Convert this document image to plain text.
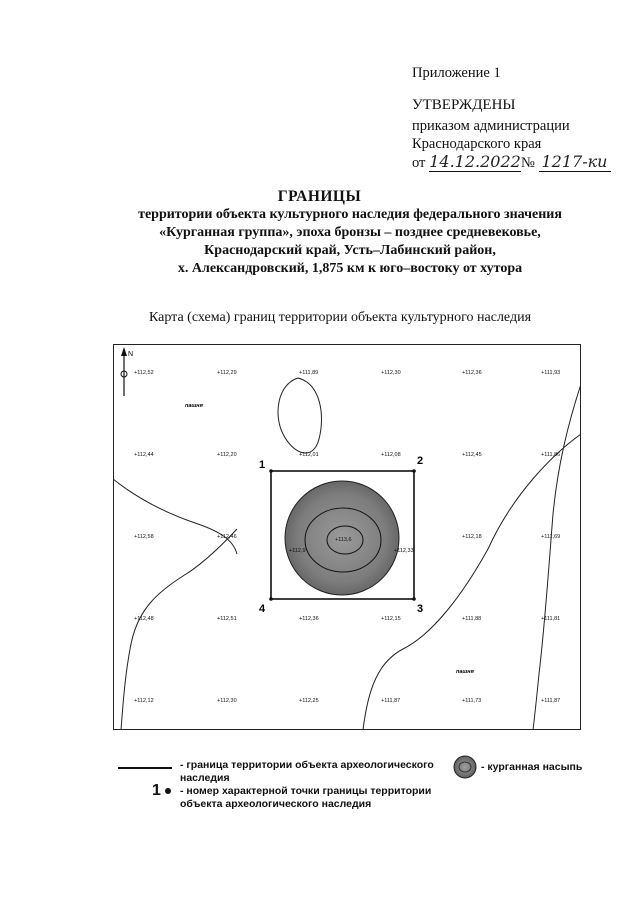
Приложение 1
УТВЕРЖДЕНЫ
приказом администрации
Краснодарского края
от 14.12.2022№ 1217-ки
ГРАНИЦЫ
территории объекта культурного наследия федерального значения
«Курганная группа», эпоха бронзы – позднее средневековье,
Краснодарский край, Усть–Лабинский район,
х. Александровский, 1,875 км к юго–востоку от хутора
Карта (схема) границ территории объекта культурного наследия
N
1	2
3
4
+113,6
+112,33
+112,9
пашня
пашня
+112,52	+112,29	+111,89	+112,30	+112,36	+111,93
+112,44	+112,20	+112,01	+112,08	+112,45	+111,86
+112,58	+112,46	+112,18	+111,69
+112,48	+112,51	+112,36	+112,15	+111,88	+111,81
+112,12	+112,30	+112,25	+111,87	+111,73	+111,87
- граница территории объекта археологического наследия
- курганная насыпь
1	- номер характерной точки границы территории объекта археологического наследия
